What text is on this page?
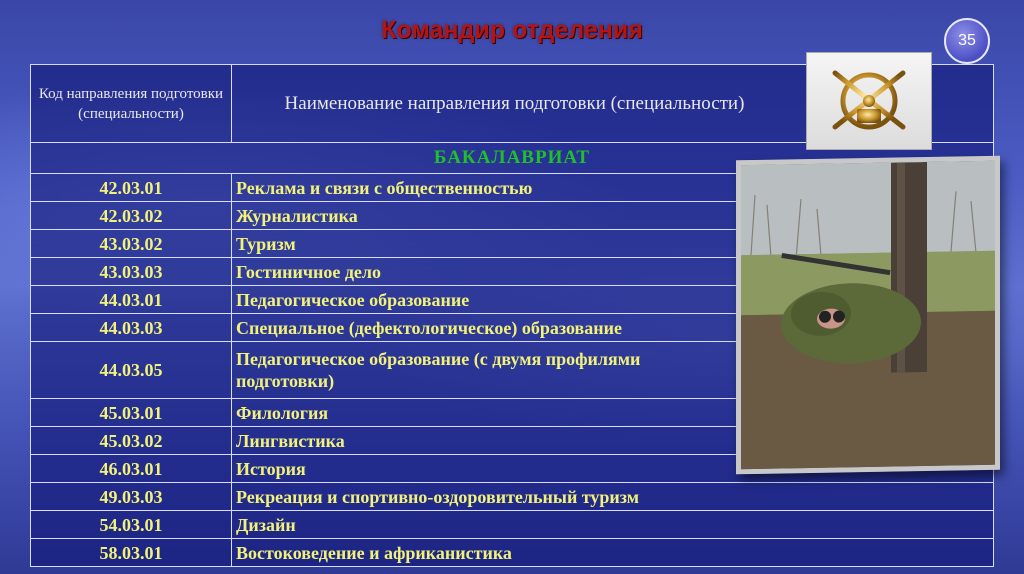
Командир отделения	35
Код направления подготовки (специальности)	Наименование направления подготовки (специальности)
БАКАЛАВРИАТ	
42.03.01	Реклама и связи с общественностью
42.03.02	Журналистика
43.03.02	Туризм
43.03.03	Гостиничное дело
44.03.01	Педагогическое образование
44.03.03	Специальное (дефектологическое) образование
44.03.05	Педагогическое образование (с двумя профилями подготовки)

45.03.01	Филология
45.03.02	Лингвистика
46.03.01	История
49.03.03	Рекреация и спортивно-оздоровительный туризм
54.03.01	Дизайн
58.03.01	Востоковедение и африканистика
